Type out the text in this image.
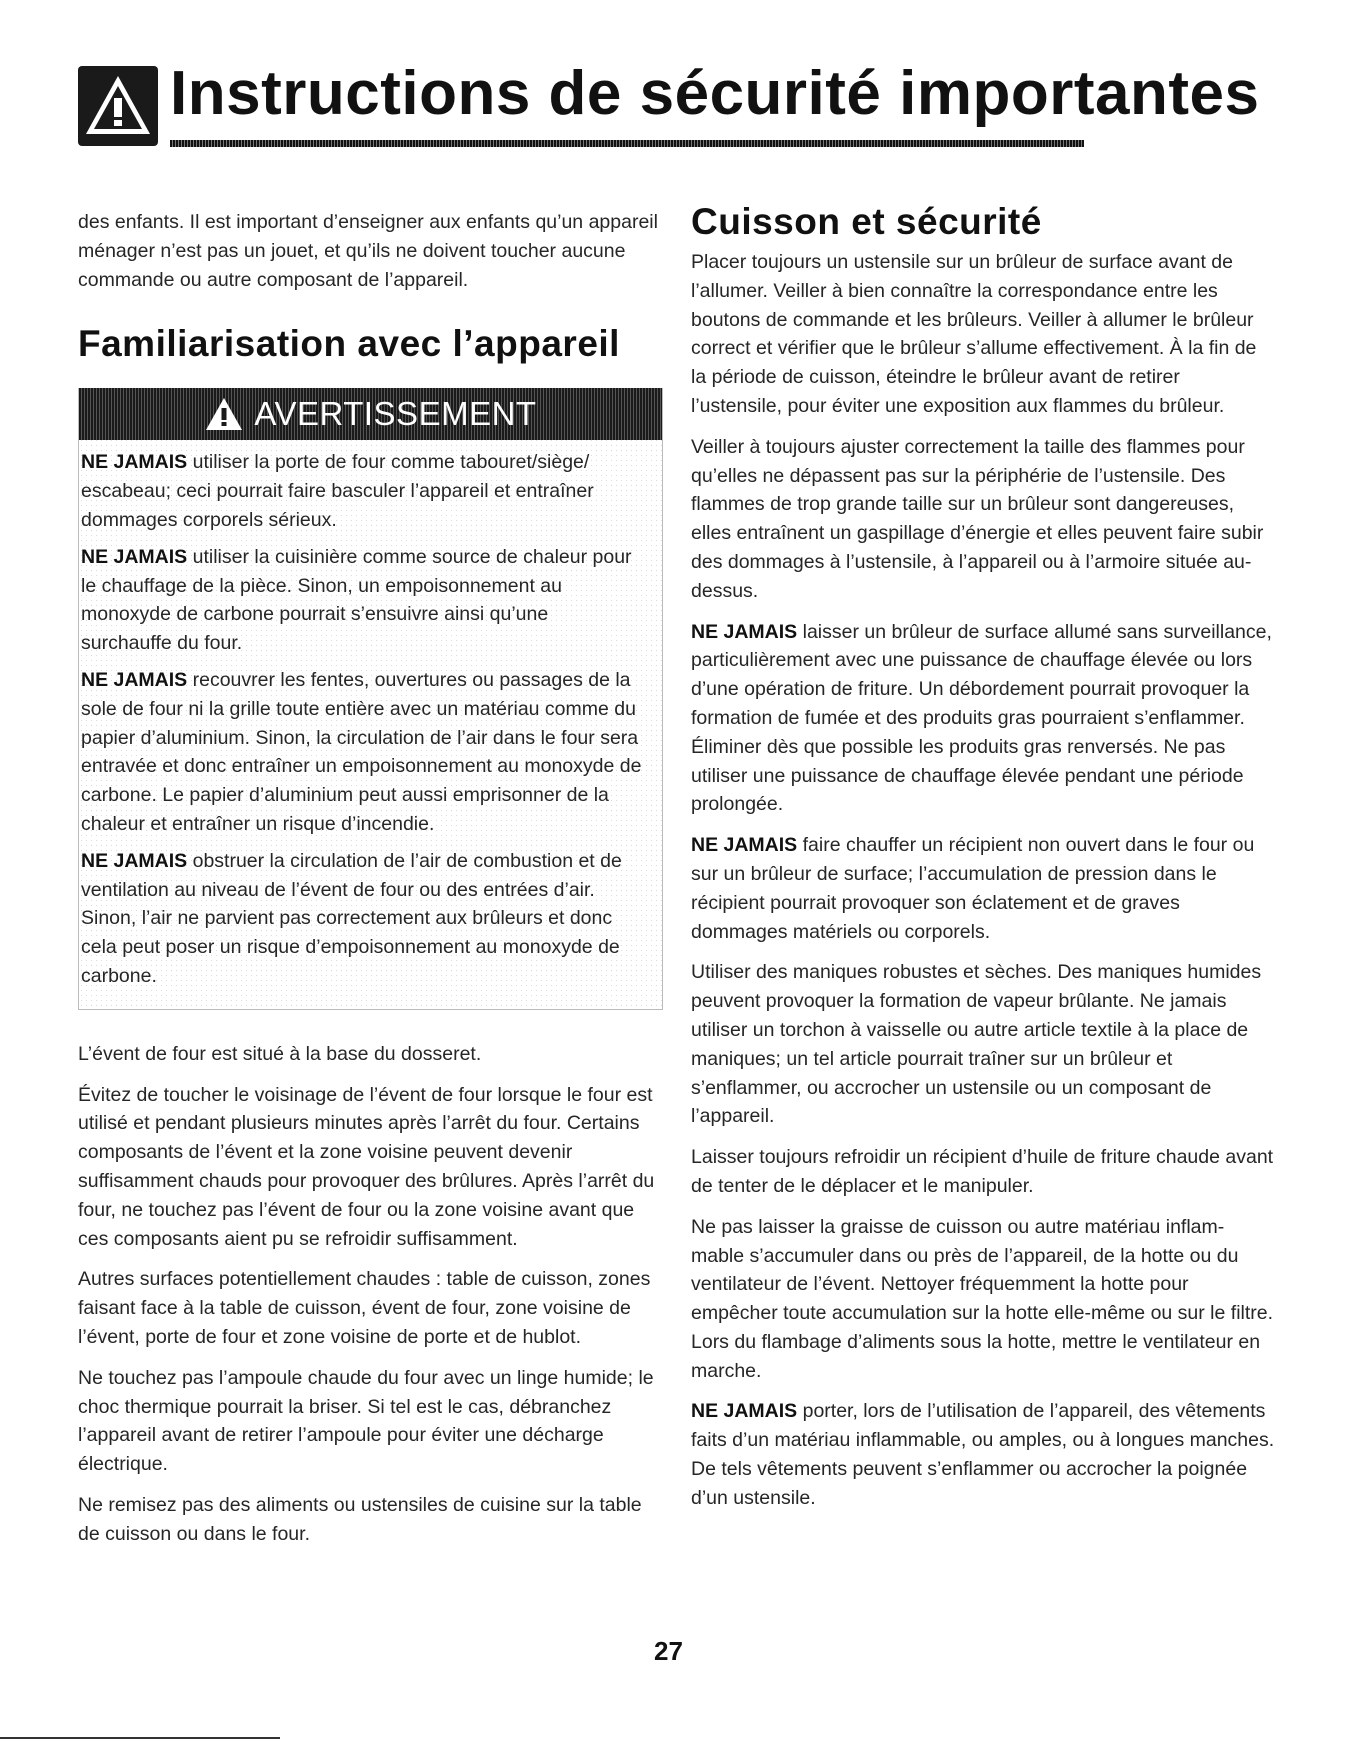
Instructions de sécurité importantes

des enfants. Il est important d’enseigner aux enfants qu’un appareil ménager n’est pas un jouet, et qu’ils ne doivent toucher aucune commande ou autre composant de l’appareil.

Familiarisation avec l’appareil
AVERTISSEMENT
NE JAMAIS utiliser la porte de four comme tabouret/siège/ escabeau; ceci pourrait faire basculer l’appareil et entraîner dommages corporels sérieux.
NE JAMAIS utiliser la cuisinière comme source de chaleur pour le chauffage de la pièce. Sinon, un empoisonnement au monoxyde de carbone pourrait s’ensuivre ainsi qu’une surchauffe du four.
NE JAMAIS recouvrer les fentes, ouvertures ou passages de la sole de four ni la grille toute entière avec un matériau comme du papier d’aluminium. Sinon, la circulation de l’air dans le four sera entravée et donc entraîner un empoisonnement au monoxyde de carbone. Le papier d’aluminium peut aussi emprisonner de la chaleur et entraîner un risque d’incendie.
NE JAMAIS obstruer la circulation de l’air de combustion et de ventilation au niveau de l’évent de four ou des entrées d’air. Sinon, l’air ne parvient pas correctement aux brûleurs et donc cela peut poser un risque d’empoisonnement au monoxyde de carbone.

L’évent de four est situé à la base du dosseret.

Évitez de toucher le voisinage de l’évent de four lorsque le four est utilisé et pendant plusieurs minutes après l’arrêt du four. Certains composants de l’évent et la zone voisine peuvent devenir suffisamment chauds pour provoquer des brûlures. Après l’arrêt du four, ne touchez pas l’évent de four ou la zone voisine avant que ces composants aient pu se refroidir suffisamment.

Autres surfaces potentiellement chaudes : table de cuisson, zones faisant face à la table de cuisson, évent de four, zone voisine de l’évent, porte de four et zone voisine de porte et de hublot.

Ne touchez pas l’ampoule chaude du four avec un linge humide; le choc thermique pourrait la briser. Si tel est le cas, débranchez l’appareil avant de retirer l’ampoule pour éviter une décharge électrique.

Ne remisez pas des aliments ou ustensiles de cuisine sur la table de cuisson ou dans le four.

Cuisson et sécurité

Placer toujours un ustensile sur un brûleur de surface avant de l’allumer. Veiller à bien connaître la correspondance entre les boutons de commande et les brûleurs. Veiller à allumer le brûleur correct et vérifier que le brûleur s’allume effectivement. À la fin de la période de cuisson, éteindre le brûleur avant de retirer l’ustensile, pour éviter une exposition aux flammes du brûleur.

Veiller à toujours ajuster correctement la taille des flammes pour qu’elles ne dépassent pas sur la périphérie de l’ustensile. Des flammes de trop grande taille sur un brûleur sont dangereuses, elles entraînent un gaspillage d’énergie et elles peuvent faire subir des dommages à l’ustensile, à l’appareil ou à l’armoire située au-dessus.

NE JAMAIS laisser un brûleur de surface allumé sans surveillance, particulièrement avec une puissance de chauffage élevée ou lors d’une opération de friture. Un débordement pourrait provoquer la formation de fumée et des produits gras pourraient s’enflammer. Éliminer dès que possible les produits gras renversés. Ne pas utiliser une puissance de chauffage élevée pendant une période prolongée.

NE JAMAIS faire chauffer un récipient non ouvert dans le four ou sur un brûleur de surface; l’accumulation de pression dans le récipient pourrait provoquer son éclatement et de graves dommages matériels ou corporels.

Utiliser des maniques robustes et sèches. Des maniques humides peuvent provoquer la formation de vapeur brûlante. Ne jamais utiliser un torchon à vaisselle ou autre article textile à la place de maniques; un tel article pourrait traîner sur un brûleur et s’enflammer, ou accrocher un ustensile ou un composant de l’appareil.

Laisser toujours refroidir un récipient d’huile de friture chaude avant de tenter de le déplacer et le manipuler.

Ne pas laisser la graisse de cuisson ou autre matériau inflam-mable s’accumuler dans ou près de l’appareil, de la hotte ou du ventilateur de l’évent. Nettoyer fréquemment la hotte pour empêcher toute accumulation sur la hotte elle-même ou sur le filtre. Lors du flambage d’aliments sous la hotte, mettre le ventilateur en marche.

NE JAMAIS porter, lors de l’utilisation de l’appareil, des vêtements faits d’un matériau inflammable, ou amples, ou à longues manches. De tels vêtements peuvent s’enflammer ou accrocher la poignée d’un ustensile.

27
